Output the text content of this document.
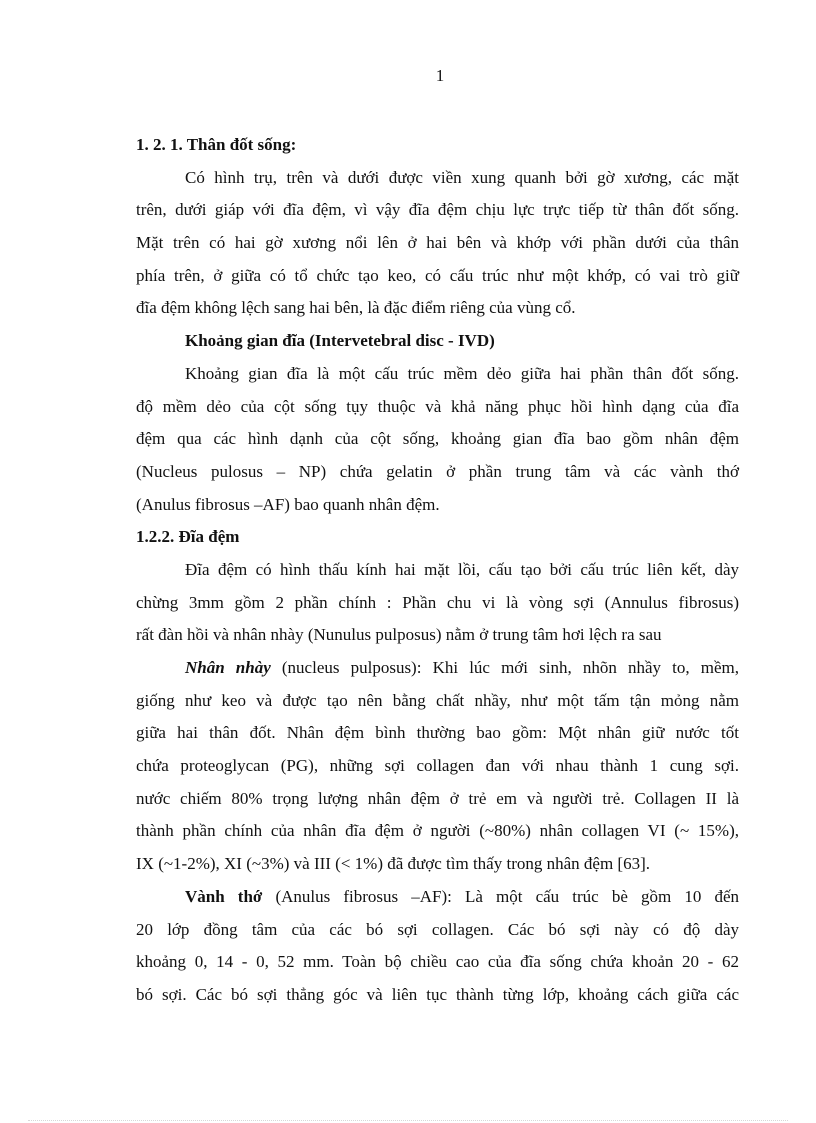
1
1. 2. 1. Thân đốt sống:
Có hình trụ, trên và dưới được viền xung quanh bởi gờ xương, các mặt
trên, dưới giáp với đĩa đệm, vì vậy đĩa đệm chịu lực trực tiếp từ thân đốt sống.
Mặt trên có hai gờ xương nổi lên ở hai bên và khớp với phần dưới của thân
phía trên, ở giữa có tổ chức tạo keo, có cấu trúc như một khớp, có vai trò giữ
đĩa đệm không lệch sang hai bên, là đặc điểm riêng của vùng cổ.
Khoảng gian đĩa (Intervetebral disc - IVD)
Khoảng gian đĩa là một cấu trúc mềm dẻo giữa hai phần thân đốt sống.
độ mềm dẻo của cột sống tụy thuộc và khả năng phục hồi hình dạng của đĩa
đệm qua các hình dạnh của cột sống, khoảng gian đĩa bao gồm nhân đệm
(Nucleus pulosus – NP) chứa gelatin ở phần trung tâm và các vành thớ
(Anulus fibrosus –AF) bao quanh nhân đệm.
1.2.2. Đĩa đệm
Đĩa đệm có hình thấu kính hai mặt lồi, cấu tạo bởi cấu trúc liên kết, dày
chừng 3mm gồm 2 phần chính : Phần chu vi là vòng sợi (Annulus fibrosus)
rất đàn hồi và nhân nhày (Nunulus pulposus) nằm ở trung tâm hơi lệch ra sau
Nhân nhày (nucleus pulposus): Khi lúc mới sinh, nhõn nhầy to, mềm,
giống như keo và được tạo nên bằng chất nhầy, như một tấm tận mỏng nằm
giữa hai thân đốt. Nhân đệm bình thường bao gồm: Một nhân giữ nước tốt
chứa proteoglycan (PG), những sợi collagen đan với nhau thành 1 cung sợi.
nước chiếm 80% trọng lượng nhân đệm ở trẻ em và người trẻ. Collagen II là
thành phần chính của nhân đĩa đệm ở người (~80%) nhân collagen VI (~ 15%),
IX (~1-2%), XI (~3%) và III (< 1%) đã được tìm thấy trong nhân đệm [63].
Vành thớ (Anulus fibrosus –AF): Là một cấu trúc bè gồm 10 đến
20 lớp đồng tâm của các bó sợi collagen. Các bó sợi này có độ dày
khoảng 0, 14 - 0, 52 mm. Toàn bộ chiều cao của đĩa sống chứa khoản 20 - 62
bó sợi. Các bó sợi thẳng góc và liên tục thành từng lớp, khoảng cách giữa các
